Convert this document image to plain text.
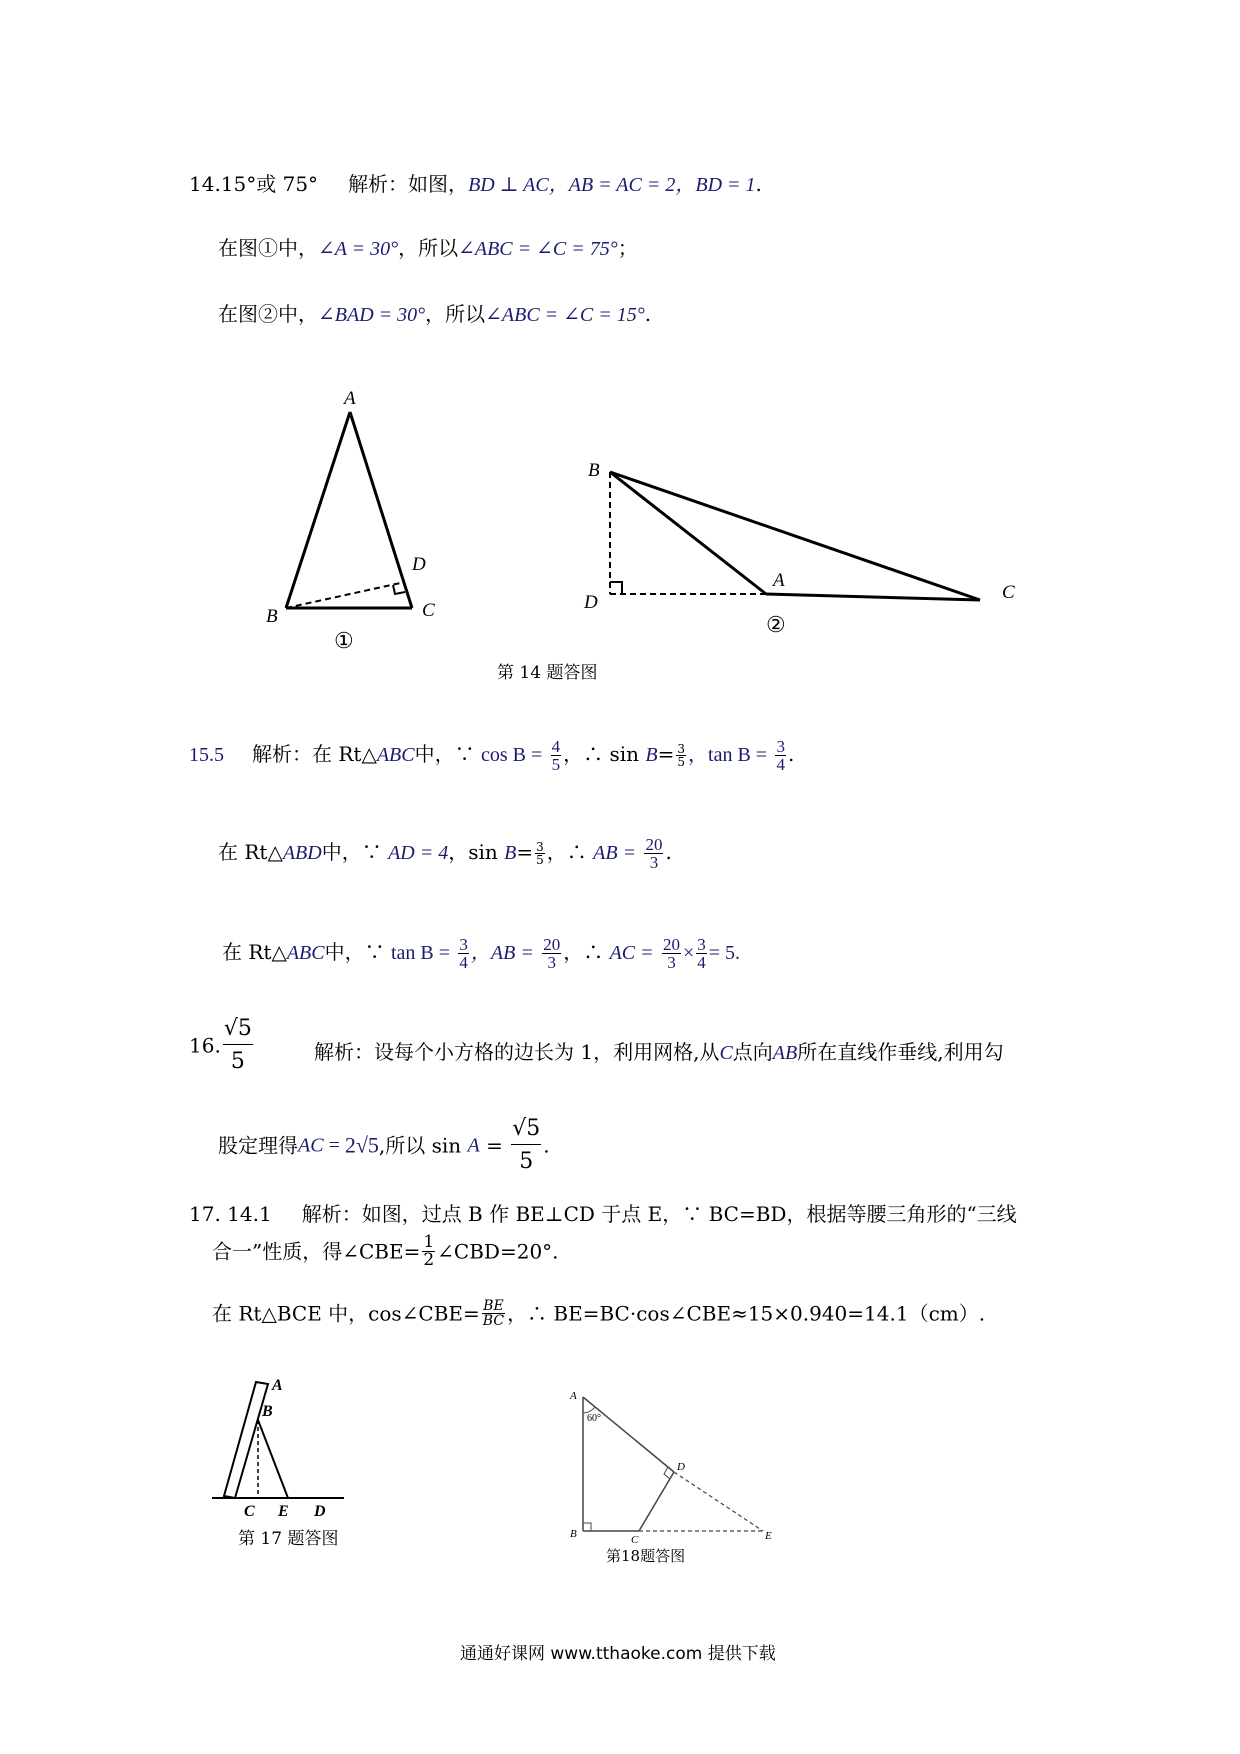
14.15°或 75° 解析：如图，BD ⊥ AC，AB = AC = 2，BD = 1.
在图①中，∠A = 30°，所以∠ABC = ∠C = 75°；
在图②中，∠BAD = 30°，所以∠ABC = ∠C = 15°.
A
B	C
D
①
B
D
A
C
②
第 14 题答图
15.5 解析：在 Rt△ABC中，∵ $\cos B = \frac{4}{5}$ ，∴ $\sin B= \frac{3}{5}$ ，$\tan B = \frac{3}{4}$ .
在 Rt△ABD中，∵ AD = 4，$\sin B= \frac{3}{5}$ ，∴ AB = $\frac{20}{3}$ .
在 Rt△ABC中，∵ $\tan B = \frac{3}{4}$ ，AB = $\frac{20}{3}$ ，∴ AC = $\frac{20}{3} \times \frac{3}{4} = 5$.
16. $\frac{√5}{5}$	解析：设每个小方格的边长为 1，利用网格,从C点向AB所在直线作垂线,利用勾
股定理得AC = 2√5,所以 $\sin A = \frac{√5}{5}$ .
17. 14.1 解析：如图，过点 B 作 BE⊥CD 于点 E，∵ BC=BD，根据等腰三角形的“三线
合一”性质，得∠CBE= $\frac{1}{2}$ ∠CBD=20°.
在 Rt△BCE 中，cos∠CBE= $\frac{BE}{BC}$ ，∴ BE=BC·cos∠CBE≈15×0.940=14.1（cm）.
A
B
C E D
第 17 题答图
A
60°
B	C
D
E
第18题答图
通通好课网 www.tthaoke.com 提供下载
